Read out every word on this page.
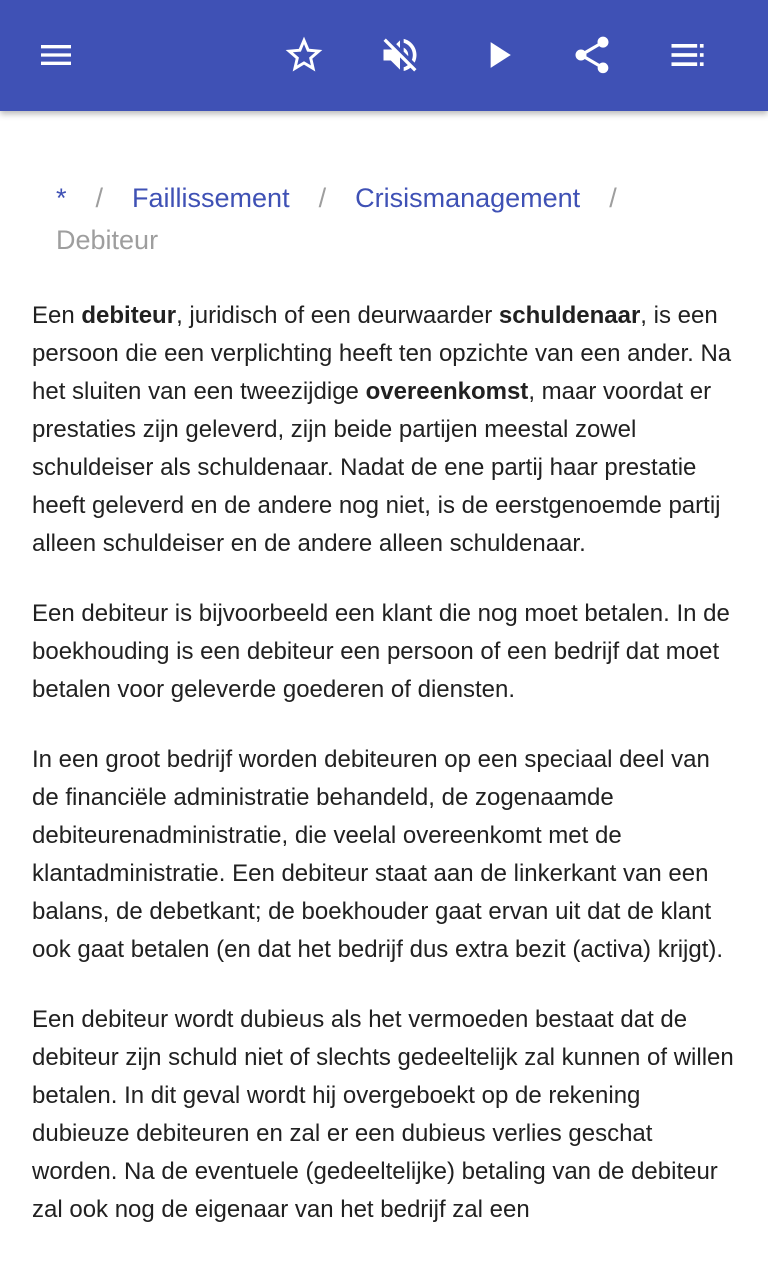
* / Faillissement / Crisismanagement /
Debiteur

Een debiteur, juridisch of een deurwaarder schuldenaar, is een persoon die een verplichting heeft ten opzichte van een ander. Na het sluiten van een tweezijdige overeenkomst, maar voordat er prestaties zijn geleverd, zijn beide partijen meestal zowel schuldeiser als schuldenaar. Nadat de ene partij haar prestatie heeft geleverd en de andere nog niet, is de eerstgenoemde partij alleen schuldeiser en de andere alleen schuldenaar.

Een debiteur is bijvoorbeeld een klant die nog moet betalen. In de boekhouding is een debiteur een persoon of een bedrijf dat moet betalen voor geleverde goederen of diensten.

In een groot bedrijf worden debiteuren op een speciaal deel van de financiële administratie behandeld, de zogenaamde debiteurenadministratie, die veelal overeenkomt met de klantadministratie. Een debiteur staat aan de linkerkant van een balans, de debetkant; de boekhouder gaat ervan uit dat de klant ook gaat betalen (en dat het bedrijf dus extra bezit (activa) krijgt).

Een debiteur wordt dubieus als het vermoeden bestaat dat de debiteur zijn schuld niet of slechts gedeeltelijk zal kunnen of willen betalen. In dit geval wordt hij overgeboekt op de rekening dubieuze debiteuren en zal er een dubieus verlies geschat worden. Na de eventuele (gedeeltelijke) betaling van de debiteur zal ook nog de eigenaar van het bedrijf zal een
